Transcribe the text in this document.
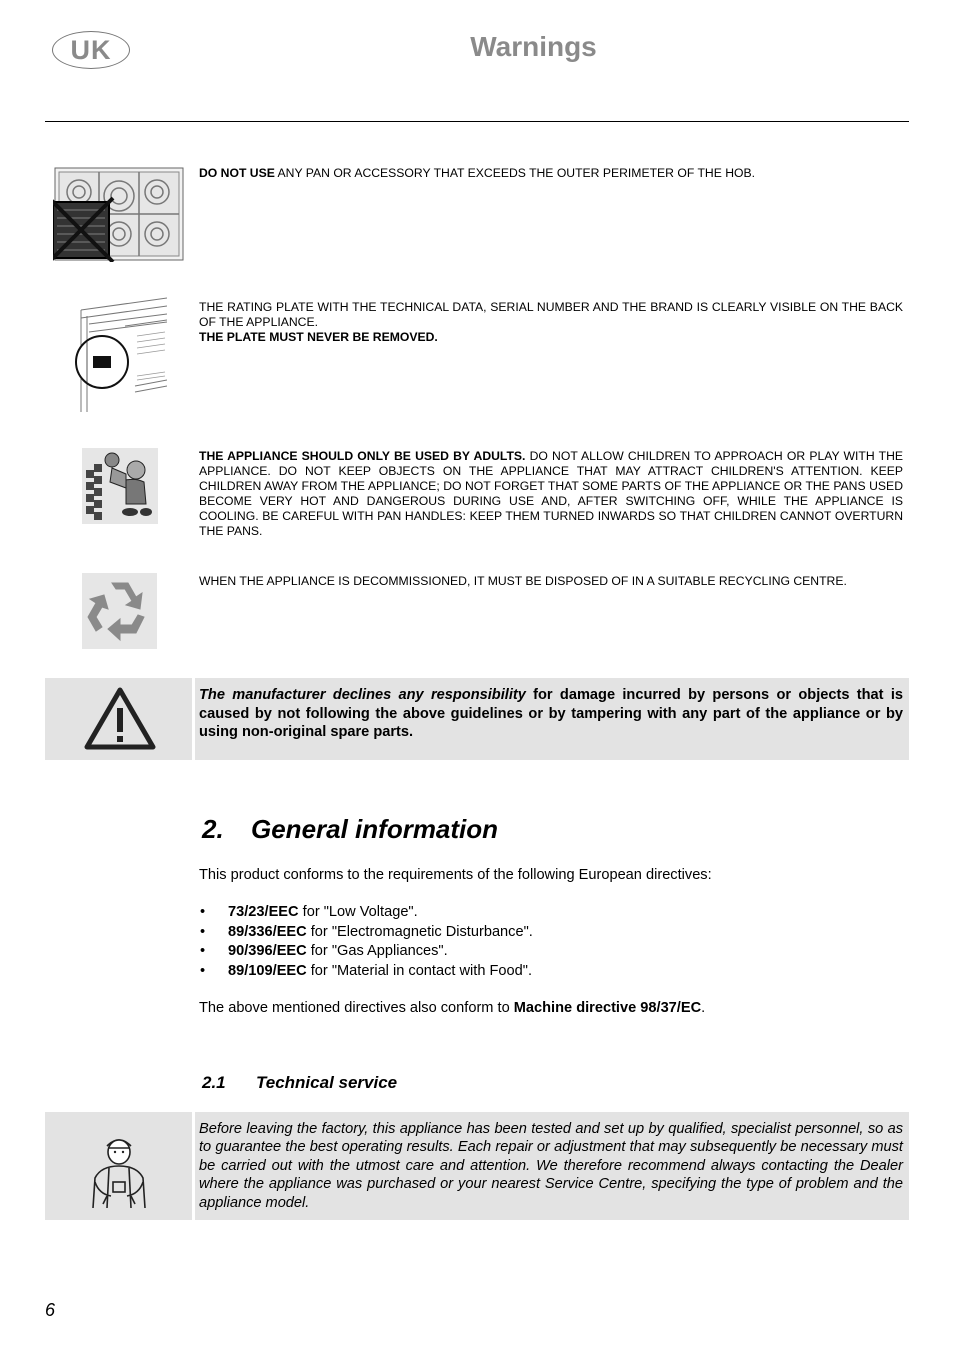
UK	Warnings
DO NOT USE ANY PAN OR ACCESSORY THAT EXCEEDS THE OUTER PERIMETER OF THE HOB.
THE RATING PLATE WITH THE TECHNICAL DATA, SERIAL NUMBER AND THE BRAND IS CLEARLY VISIBLE ON THE BACK OF THE APPLIANCE.
THE PLATE MUST NEVER BE REMOVED.
THE APPLIANCE SHOULD ONLY BE USED BY ADULTS. DO NOT ALLOW CHILDREN TO APPROACH OR PLAY WITH THE APPLIANCE. DO NOT KEEP OBJECTS ON THE APPLIANCE THAT MAY ATTRACT CHILDREN'S ATTENTION. KEEP CHILDREN AWAY FROM THE APPLIANCE; DO NOT FORGET THAT SOME PARTS OF THE APPLIANCE OR THE PANS USED BECOME VERY HOT AND DANGEROUS DURING USE AND, AFTER SWITCHING OFF, WHILE THE APPLIANCE IS COOLING. BE CAREFUL WITH PAN HANDLES: KEEP THEM TURNED INWARDS SO THAT CHILDREN CANNOT OVERTURN THE PANS.
WHEN THE APPLIANCE IS DECOMMISSIONED, IT MUST BE DISPOSED OF IN A SUITABLE RECYCLING CENTRE.
The manufacturer declines any responsibility for damage incurred by persons or objects that is caused by not following the above guidelines or by tampering with any part of the appliance or by using non-original spare parts.
2. General information
This product conforms to the requirements of the following European directives:
• 73/23/EEC for "Low Voltage".
• 89/336/EEC for "Electromagnetic Disturbance".
• 90/396/EEC for "Gas Appliances".
• 89/109/EEC for "Material in contact with Food".
The above mentioned directives also conform to Machine directive 98/37/EC.
2.1 Technical service
Before leaving the factory, this appliance has been tested and set up by qualified, specialist personnel, so as to guarantee the best operating results. Each repair or adjustment that may subsequently be necessary must be carried out with the utmost care and attention. We therefore recommend always contacting the Dealer where the appliance was purchased or your nearest Service Centre, specifying the type of problem and the appliance model.
6
